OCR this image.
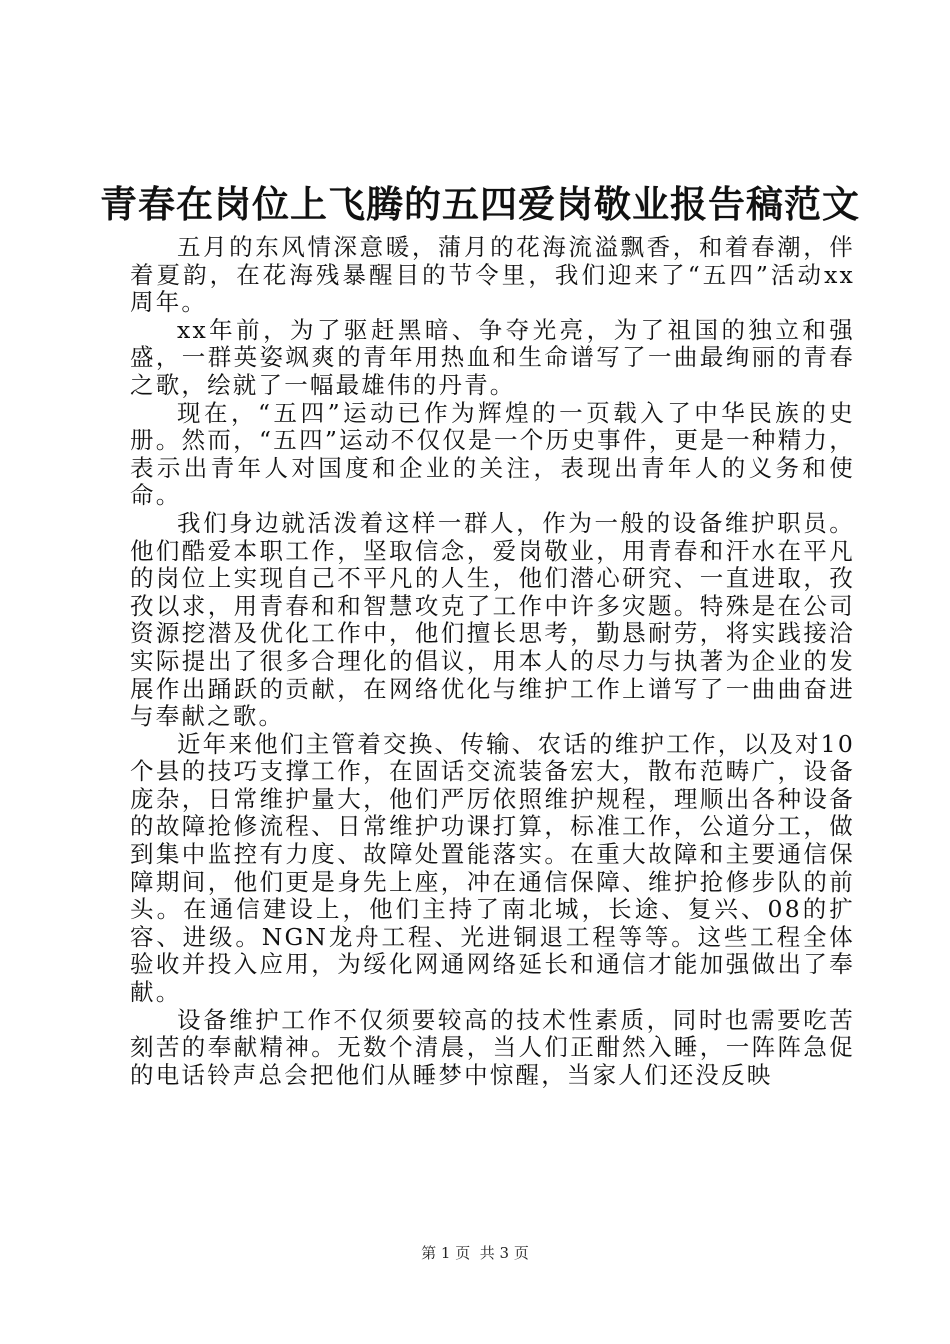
青春在岗位上飞腾的五四爱岗敬业报告稿范文

五月的东风情深意暖，蒲月的花海流溢飘香，和着春潮，伴着夏韵，在花海残暴醒目的节令里，我们迎来了“五四”活动xx周年。

xx年前，为了驱赶黑暗、争夺光亮，为了祖国的独立和强盛，一群英姿飒爽的青年用热血和生命谱写了一曲最绚丽的青春之歌，绘就了一幅最雄伟的丹青。

现在，“五四”运动已作为辉煌的一页载入了中华民族的史册。然而，“五四”运动不仅仅是一个历史事件，更是一种精力，表示出青年人对国度和企业的关注，表现出青年人的义务和使命。

我们身边就活泼着这样一群人，作为一般的设备维护职员。他们酷爱本职工作，坚取信念，爱岗敬业，用青春和汗水在平凡的岗位上实现自己不平凡的人生，他们潜心研究、一直进取，孜孜以求，用青春和和智慧攻克了工作中许多灾题。特殊是在公司资源挖潜及优化工作中，他们擅长思考，勤恳耐劳，将实践接洽实际提出了很多合理化的倡议，用本人的尽力与执著为企业的发展作出踊跃的贡献，在网络优化与维护工作上谱写了一曲曲奋进与奉献之歌。

近年来他们主管着交换、传输、农话的维护工作，以及对10个县的技巧支撑工作，在固话交流装备宏大，散布范畴广，设备庞杂，日常维护量大，他们严厉依照维护规程，理顺出各种设备的故障抢修流程、日常维护功课打算，标准工作，公道分工，做到集中监控有力度、故障处置能落实。在重大故障和主要通信保障期间，他们更是身先上座，冲在通信保障、维护抢修步队的前头。在通信建设上，他们主持了南北城，长途、复兴、08的扩容、进级。NGN龙舟工程、光进铜退工程等等。这些工程全体验收并投入应用，为绥化网通网络延长和通信才能加强做出了奉献。

设备维护工作不仅须要较高的技术性素质，同时也需要吃苦刻苦的奉献精神。无数个清晨，当人们正酣然入睡，一阵阵急促的电话铃声总会把他们从睡梦中惊醒，当家人们还没反映

第 1 页  共 3 页
